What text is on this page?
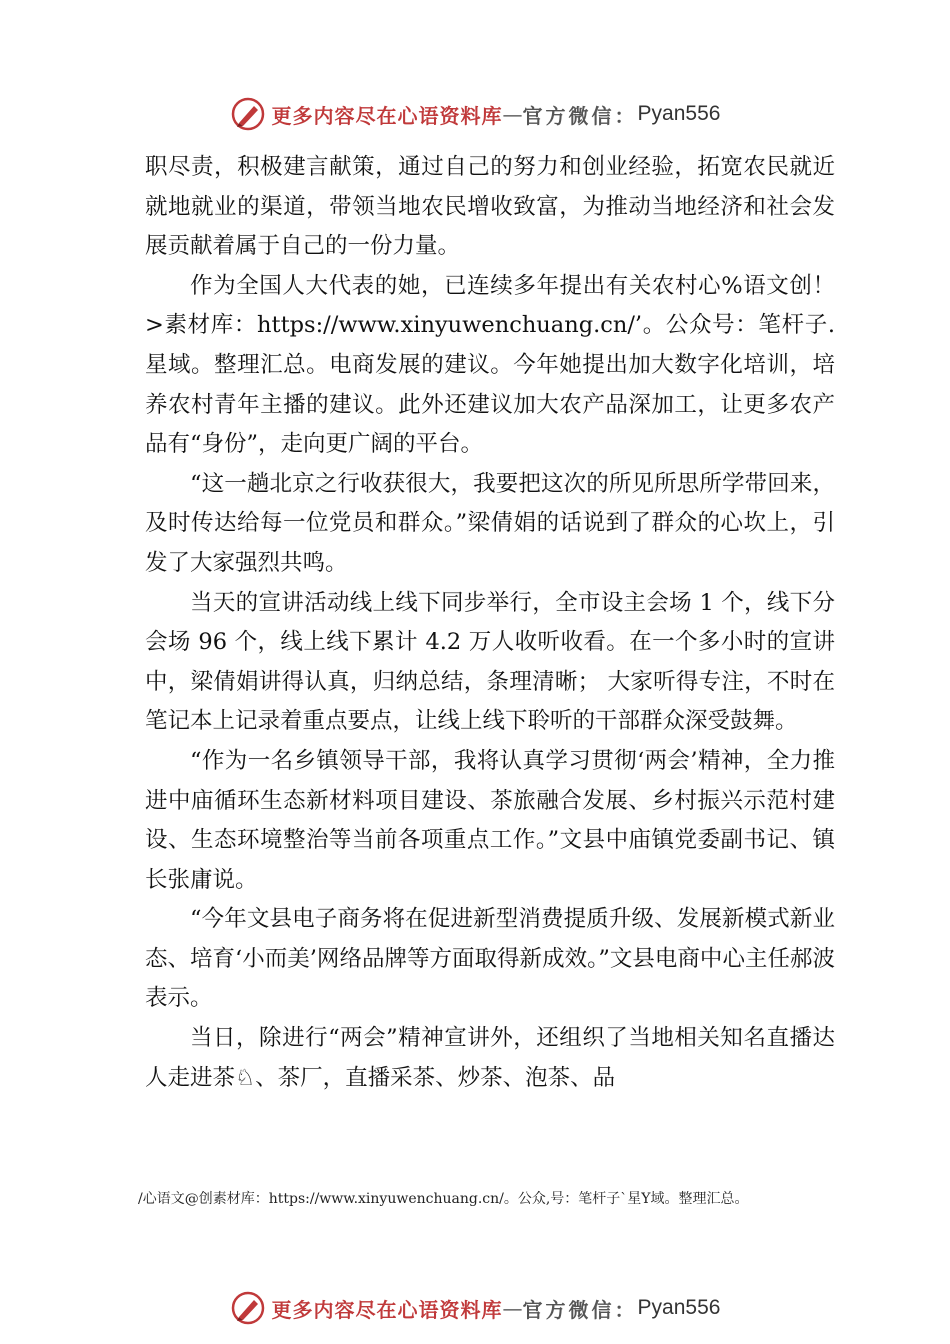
更多内容尽在心语资料库 — 官方微信： Pyan556

职尽责，积极建言献策，通过自己的努力和创业经验，拓宽农民就近就地就业的渠道，带领当地农民增收致富，为推动当地经济和社会发展贡献着属于自己的一份力量。

作为全国人大代表的她，已连续多年提出有关农村心%语文创！>素材库：https://www.xinyuwenchuang.cn/’。公众号：笔杆子.星域。整理汇总。电商发展的建议。今年她提出加大数字化培训，培养农村青年主播的建议。此外还建议加大农产品深加工，让更多农产品有“身份”，走向更广阔的平台。

“这一趟北京之行收获很大，我要把这次的所见所思所学带回来，及时传达给每一位党员和群众。”梁倩娟的话说到了群众的心坎上，引发了大家强烈共鸣。

当天的宣讲活动线上线下同步举行，全市设主会场 1 个，线下分会场 96 个，线上线下累计 4.2 万人收听收看。在一个多小时的宣讲中，梁倩娟讲得认真，归纳总结，条理清晰； 大家听得专注，不时在笔记本上记录着重点要点，让线上线下聆听的干部群众深受鼓舞。

“作为一名乡镇领导干部，我将认真学习贯彻‘两会’精神，全力推进中庙循环生态新材料项目建设、茶旅融合发展、乡村振兴示范村建设、生态环境整治等当前各项重点工作。”文县中庙镇党委副书记、镇长张庸说。

“今年文县电子商务将在促进新型消费提质升级、发展新模式新业态、培育‘小而美’网络品牌等方面取得新成效。”文县电商中心主任郝波表示。

当日，除进行“两会”精神宣讲外，还组织了当地相关知名直播达人走进茶♘、茶厂，直播采茶、炒茶、泡茶、品

/心语文@创素材库：https://www.xinyuwenchuang.cn/。公众,号：笔杆子`星Y域。整理汇总。
更多内容尽在心语资料库 — 官方微信： Pyan556
